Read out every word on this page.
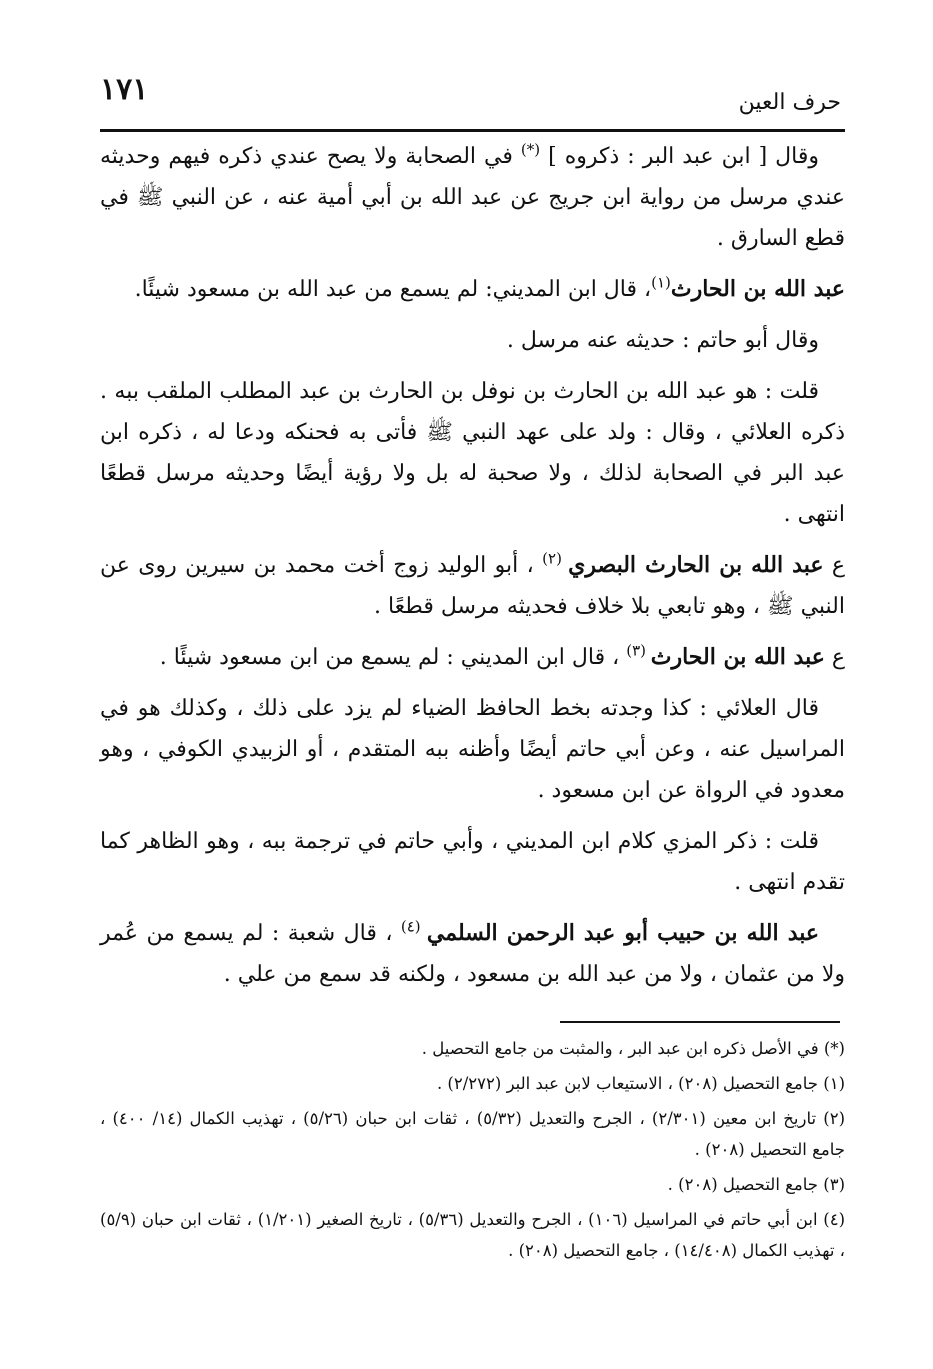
١٧١	حرف العين

وقال [ ابن عبد البر : ذكروه ] (*) في الصحابة ولا يصح عندي ذكره فيهم وحديثه عندي مرسل من رواية ابن جريج عن عبد الله بن أبي أمية عنه ، عن النبي ﷺ في قطع السارق .

عبد الله بن الحارث$^{(١)}$، قال ابن المديني: لم يسمع من عبد الله بن مسعود شيئًا.

وقال أبو حاتم : حديثه عنه مرسل .

قلت : هو عبد الله بن الحارث بن نوفل بن الحارث بن عبد المطلب الملقب ببه . ذكره العلائي ، وقال : ولد على عهد النبي ﷺ فأتى به فحنكه ودعا له ، ذكره ابن عبد البر في الصحابة لذلك ، ولا صحبة له بل ولا رؤية أيضًا وحديثه مرسل قطعًا انتهى .

ع عبد الله بن الحارث البصري $^{(٢)}$ ، أبو الوليد زوج أخت محمد بن سيرين روى عن النبي ﷺ ، وهو تابعي بلا خلاف فحديثه مرسل قطعًا .

ع عبد الله بن الحارث $^{(٣)}$ ، قال ابن المديني : لم يسمع من ابن مسعود شيئًا .

قال العلائي : كذا وجدته بخط الحافظ الضياء لم يزد على ذلك ، وكذلك هو في المراسيل عنه ، وعن أبي حاتم أيضًا وأظنه ببه المتقدم ، أو الزبيدي الكوفي ، وهو معدود في الرواة عن ابن مسعود .

قلت : ذكر المزي كلام ابن المديني ، وأبي حاتم في ترجمة ببه ، وهو الظاهر كما تقدم انتهى .

عبد الله بن حبيب أبو عبد الرحمن السلمي $^{(٤)}$ ، قال شعبة : لم يسمع من عُمر ولا من عثمان ، ولا من عبد الله بن مسعود ، ولكنه قد سمع من علي .

(*) في الأصل ذكره ابن عبد البر ، والمثبت من جامع التحصيل .

(١) جامع التحصيل (٢٠٨) ، الاستيعاب لابن عبد البر (٢/٢٧٢) .

(٢) تاريخ ابن معين (٢/٣٠١) ، الجرح والتعديل (٥/٣٢) ، ثقات ابن حبان (٥/٢٦) ، تهذيب الكمال (١٤/ ٤٠٠) ، جامع التحصيل (٢٠٨) .

(٣) جامع التحصيل (٢٠٨) .

(٤) ابن أبي حاتم في المراسيل (١٠٦) ، الجرح والتعديل (٥/٣٦) ، تاريخ الصغير (١/٢٠١) ، ثقات ابن حبان (٥/٩) ، تهذيب الكمال (١٤/٤٠٨) ، جامع التحصيل (٢٠٨) .
